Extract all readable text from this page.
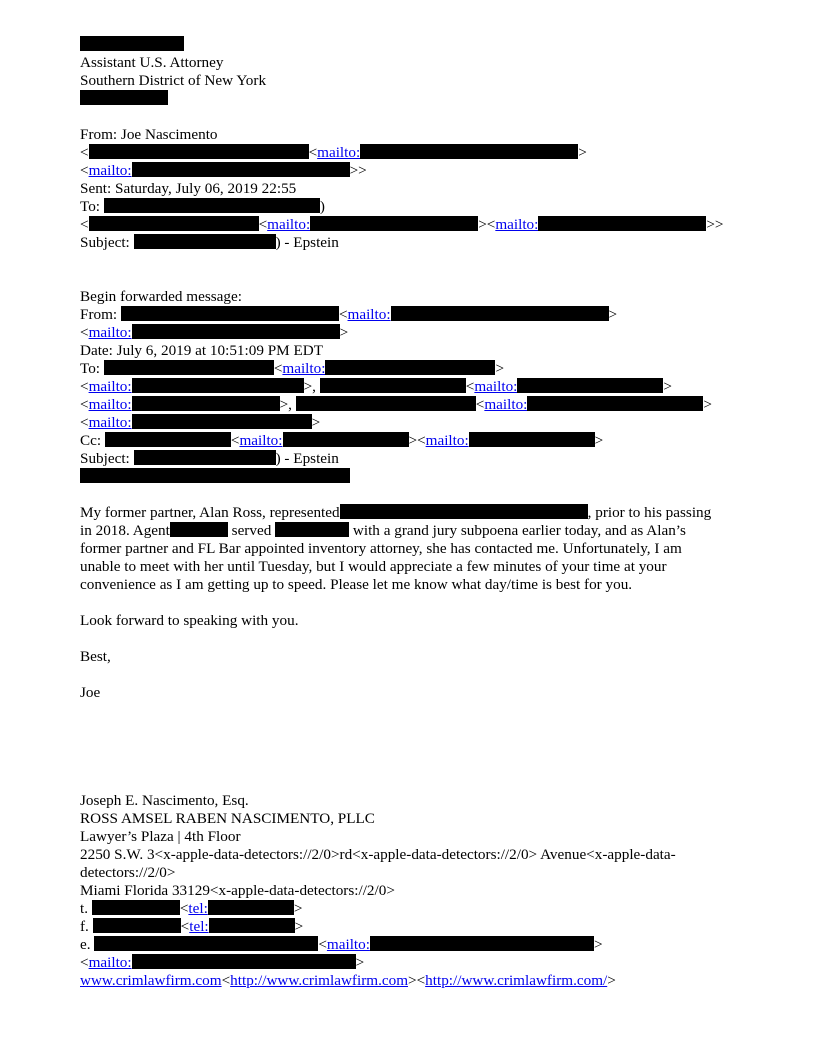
Assistant U.S. Attorney
Southern District of New York
From: Joe Nascimento
<	<mailto:	>
<mailto:	>>
Sent: Saturday, July 06, 2019 22:55
To:	)
<	<mailto:	><mailto:	>>
Subject:	) - Epstein
Begin forwarded message:
From:	<mailto:	>
<mailto:	>
Date: July 6, 2019 at 10:51:09 PM EDT
To:	<mailto:	>
<mailto:	>,	<mailto:	>
<mailto:	>,	<mailto:	>
<mailto:	>
Cc:	<mailto:	><mailto:	>
Subject:	) - Epstein
My former partner, Alan Ross, represented	, prior to his passing
in 2018. Agent	served	with a grand jury subpoena earlier today, and as Alan’s
former partner and FL Bar appointed inventory attorney, she has contacted me. Unfortunately, I am
unable to meet with her until Tuesday, but I would appreciate a few minutes of your time at your
convenience as I am getting up to speed. Please let me know what day/time is best for you.
Look forward to speaking with you.
Best,
Joe
Joseph E. Nascimento, Esq.
ROSS AMSEL RABEN NASCIMENTO, PLLC
Lawyer’s Plaza | 4th Floor
2250 S.W. 3<x-apple-data-detectors://2/0>rd<x-apple-data-detectors://2/0> Avenue<x-apple-data-
detectors://2/0>
Miami Florida 33129<x-apple-data-detectors://2/0>
t.	<tel:	>
f.	<tel:	>
e.	<mailto:	>
<mailto:	>
www.crimlawfirm.com<http://www.crimlawfirm.com><http://www.crimlawfirm.com/>
